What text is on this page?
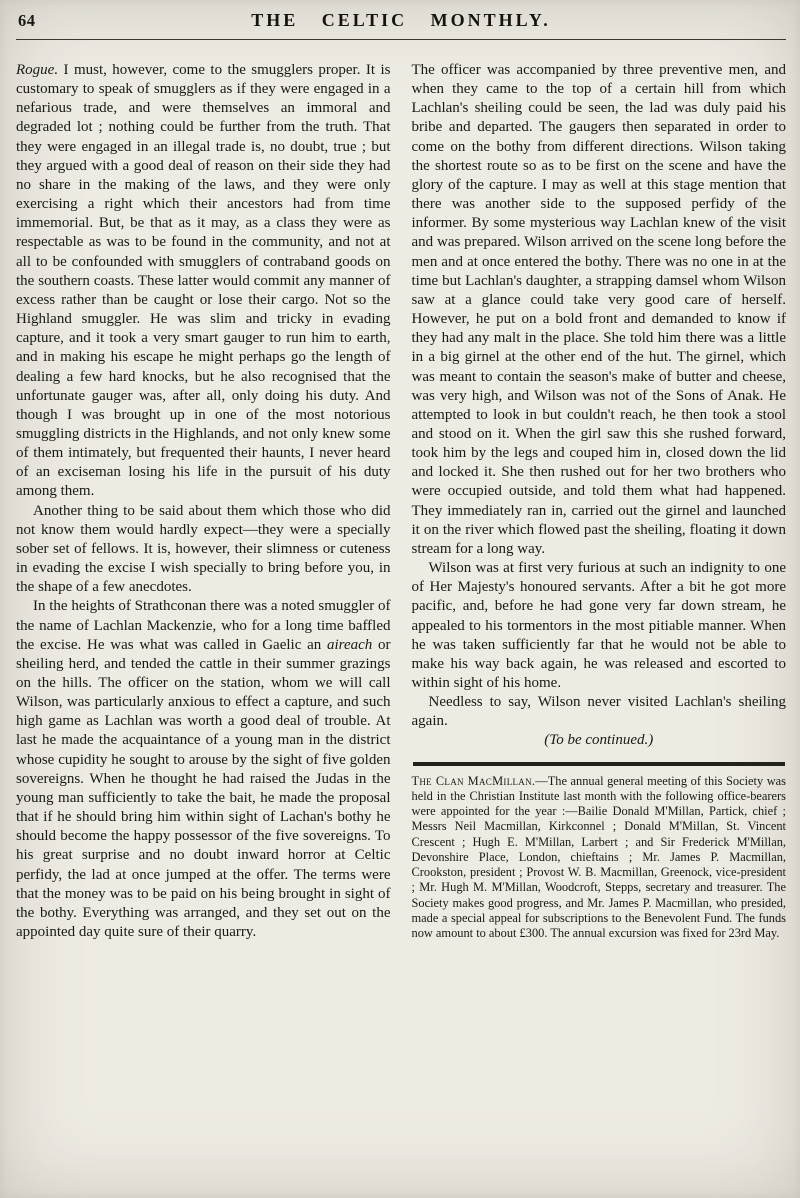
64	THE CELTIC MONTHLY.

Rogue. I must, however, come to the smugglers proper. It is customary to speak of smugglers as if they were engaged in a nefarious trade, and were themselves an immoral and degraded lot ; nothing could be further from the truth. That they were engaged in an illegal trade is, no doubt, true ; but they argued with a good deal of reason on their side they had no share in the making of the laws, and they were only exercising a right which their ancestors had from time immemorial. But, be that as it may, as a class they were as respectable as was to be found in the community, and not at all to be confounded with smugglers of contraband goods on the southern coasts. These latter would commit any manner of excess rather than be caught or lose their cargo. Not so the Highland smuggler. He was slim and tricky in evading capture, and it took a very smart gauger to run him to earth, and in making his escape he might perhaps go the length of dealing a few hard knocks, but he also recognised that the unfortunate gauger was, after all, only doing his duty. And though I was brought up in one of the most notorious smuggling districts in the Highlands, and not only knew some of them intimately, but frequented their haunts, I never heard of an exciseman losing his life in the pursuit of his duty among them.

Another thing to be said about them which those who did not know them would hardly expect—they were a specially sober set of fellows. It is, however, their slimness or cuteness in evading the excise I wish specially to bring before you, in the shape of a few anecdotes.

In the heights of Strathconan there was a noted smuggler of the name of Lachlan Mackenzie, who for a long time baffled the excise. He was what was called in Gaelic an aireach or sheiling herd, and tended the cattle in their summer grazings on the hills. The officer on the station, whom we will call Wilson, was particularly anxious to effect a capture, and such high game as Lachlan was worth a good deal of trouble. At last he made the acquaintance of a young man in the district whose cupidity he sought to arouse by the sight of five golden sovereigns. When he thought he had raised the Judas in the young man sufficiently to take the bait, he made the proposal that if he should bring him within sight of Lachan's bothy he should become the happy possessor of the five sovereigns. To his great surprise and no doubt inward horror at Celtic perfidy, the lad at once jumped at the offer. The terms were that the money was to be paid on his being brought in sight of the bothy. Everything was arranged, and they set out on the appointed day quite sure of their quarry.

The officer was accompanied by three preventive men, and when they came to the top of a certain hill from which Lachlan's sheiling could be seen, the lad was duly paid his bribe and departed. The gaugers then separated in order to come on the bothy from different directions. Wilson taking the shortest route so as to be first on the scene and have the glory of the capture. I may as well at this stage mention that there was another side to the supposed perfidy of the informer. By some mysterious way Lachlan knew of the visit and was prepared. Wilson arrived on the scene long before the men and at once entered the bothy. There was no one in at the time but Lachlan's daughter, a strapping damsel whom Wilson saw at a glance could take very good care of herself. However, he put on a bold front and demanded to know if they had any malt in the place. She told him there was a little in a big girnel at the other end of the hut. The girnel, which was meant to contain the season's make of butter and cheese, was very high, and Wilson was not of the Sons of Anak. He attempted to look in but couldn't reach, he then took a stool and stood on it. When the girl saw this she rushed forward, took him by the legs and couped him in, closed down the lid and locked it. She then rushed out for her two brothers who were occupied outside, and told them what had happened. They immediately ran in, carried out the girnel and launched it on the river which flowed past the sheiling, floating it down stream for a long way.

Wilson was at first very furious at such an indignity to one of Her Majesty's honoured servants. After a bit he got more pacific, and, before he had gone very far down stream, he appealed to his tormentors in the most pitiable manner. When he was taken sufficiently far that he would not be able to make his way back again, he was released and escorted to within sight of his home.

Needless to say, Wilson never visited Lachlan's sheiling again.

(To be continued.)

The Clan MacMillan.—The annual general meeting of this Society was held in the Christian Institute last month with the following office-bearers were appointed for the year :—Bailie Donald M'Millan, Partick, chief ; Messrs Neil Macmillan, Kirkconnel ; Donald M'Millan, St. Vincent Crescent ; Hugh E. M'Millan, Larbert ; and Sir Frederick M'Millan, Devonshire Place, London, chieftains ; Mr. James P. Macmillan, Crookston, president ; Provost W. B. Macmillan, Greenock, vice-president ; Mr. Hugh M. M'Millan, Woodcroft, Stepps, secretary and treasurer. The Society makes good progress, and Mr. James P. Macmillan, who presided, made a special appeal for subscriptions to the Benevolent Fund. The funds now amount to about £300. The annual excursion was fixed for 23rd May.
